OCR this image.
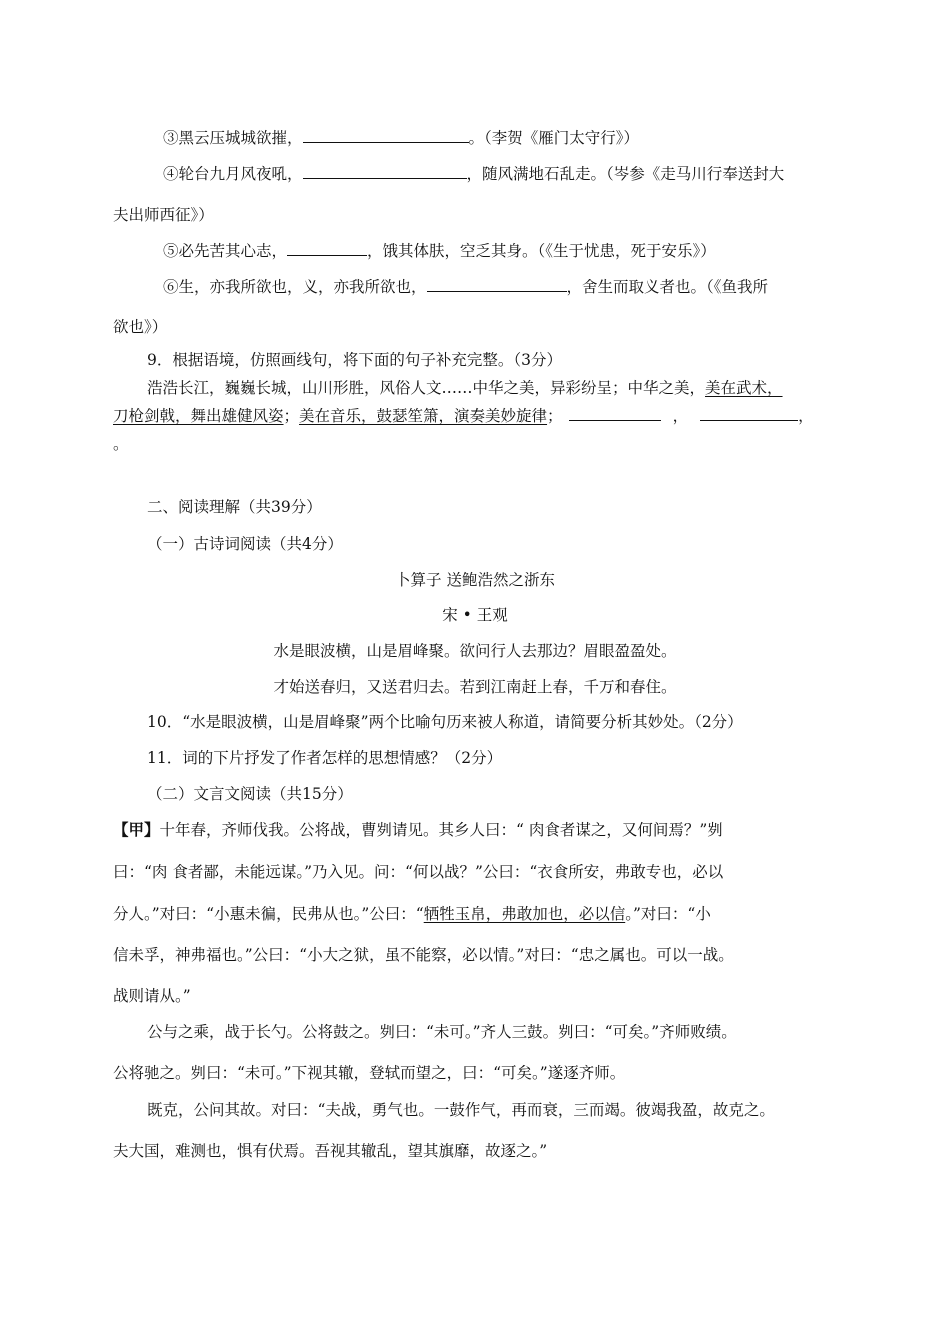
③黑云压城城欲摧，	。（李贺《雁门太守行》）
④轮台九月风夜吼，	，随风满地石乱走。（岑参《走马川行奉送封大
夫出师西征》）
⑤必先苦其心志，	，饿其体肤，空乏其身。（《生于忧患，死于安乐》）
⑥生，亦我所欲也，义，亦我所欲也，	，舍生而取义者也。（《鱼我所
欲也》）
9．根据语境，仿照画线句，将下面的句子补充完整。（3分）
浩浩长江，巍巍长城，山川形胜，风俗人文……中华之美，异彩纷呈；中华之美，美在武术，
刀枪剑戟，舞出雄健风姿；美在音乐，鼓瑟笙箫，演奏美妙旋律；	，	，
。
二、阅读理解（共39分）
（一）古诗词阅读（共4分）
卜算子 送鲍浩然之浙东
宋 • 王观
水是眼波横，山是眉峰聚。欲问行人去那边？眉眼盈盈处。
才始送春归，又送君归去。若到江南赶上春，千万和春住。
10．“水是眼波横，山是眉峰聚”两个比喻句历来被人称道，请简要分析其妙处。（2分）
11．词的下片抒发了作者怎样的思想情感？（2分）
（二）文言文阅读（共15分）
【甲】十年春，齐师伐我。公将战，曹刿请见。其乡人曰：“ 肉食者谋之，又何间焉？”刿
曰：“肉 食者鄙，未能远谋。”乃入见。问：“何以战？”公曰：“衣食所安，弗敢专也，必以
分人。”对曰：“小惠未徧，民弗从也。”公曰：“牺牲玉帛，弗敢加也，必以信。”对曰：“小
信未孚，神弗福也。”公曰：“小大之狱，虽不能察，必以情。”对曰：“忠之属也。可以一战。
战则请从。”
公与之乘，战于长勺。公将鼓之。刿曰：“未可。”齐人三鼓。刿曰：“可矣。”齐师败绩。
公将驰之。刿曰：“未可。”下视其辙，登轼而望之，曰：“可矣。”遂逐齐师。
既克，公问其故。对曰：“夫战，勇气也。一鼓作气，再而衰，三而竭。彼竭我盈，故克之。
夫大国，难测也，惧有伏焉。吾视其辙乱，望其旗靡，故逐之。”
